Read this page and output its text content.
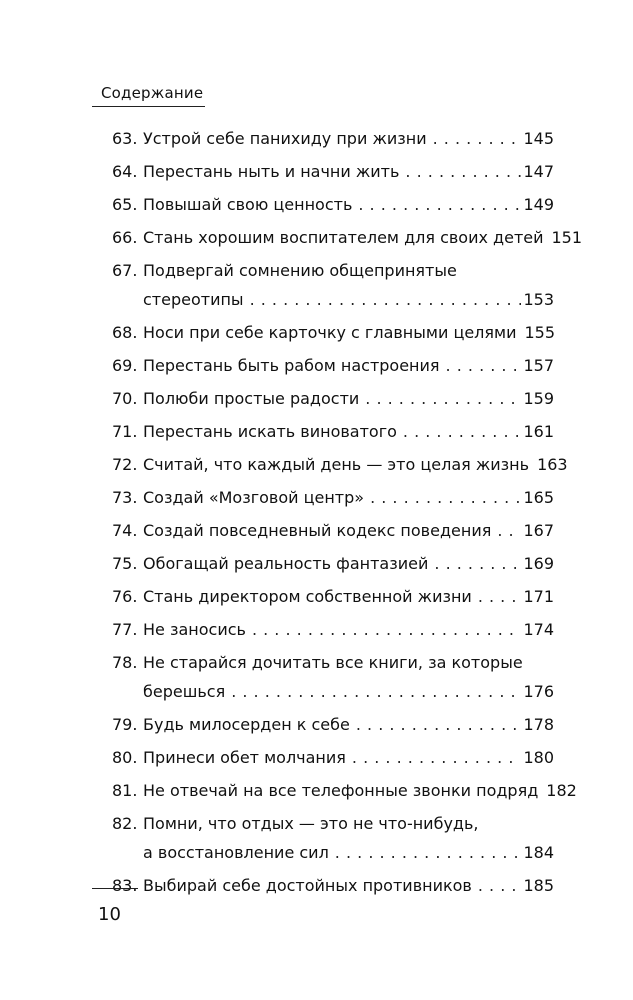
Содержание
63. Устрой себе панихиду при жизни . . .	145
64. Перестань ныть и начни жить . . .	147
65. Повышай свою ценность . . .	149
66. Стань хорошим воспитателем для своих детей 151
67. Подвергай сомнению общепринятые
стереотипы . . .	153
68. Носи при себе карточку с главными целями 155
69. Перестань быть рабом настроения . . .	157
70. Полюби простые радости . . .	159
71. Перестань искать виноватого . . .	161
72. Считай, что каждый день — это целая жизнь 163
73. Создай «Мозговой центр» . . .	165
74. Создай повседневный кодекс поведения . . . 167
75. Обогащай реальность фантазией . . .	169
76. Стань директором собственной жизни . . .	171
77. Не заносись . . .	174
78. Не старайся дочитать все книги, за которые
берешься . . .	176
79. Будь милосерден к себе . . .	178
80. Принеси обет молчания . . .	180
81. Не отвечай на все телефонные звонки подряд 182
82. Помни, что отдых — это не что-нибудь,
а восстановление сил . . .	184
83. Выбирай себе достойных противников . . .	185
10
